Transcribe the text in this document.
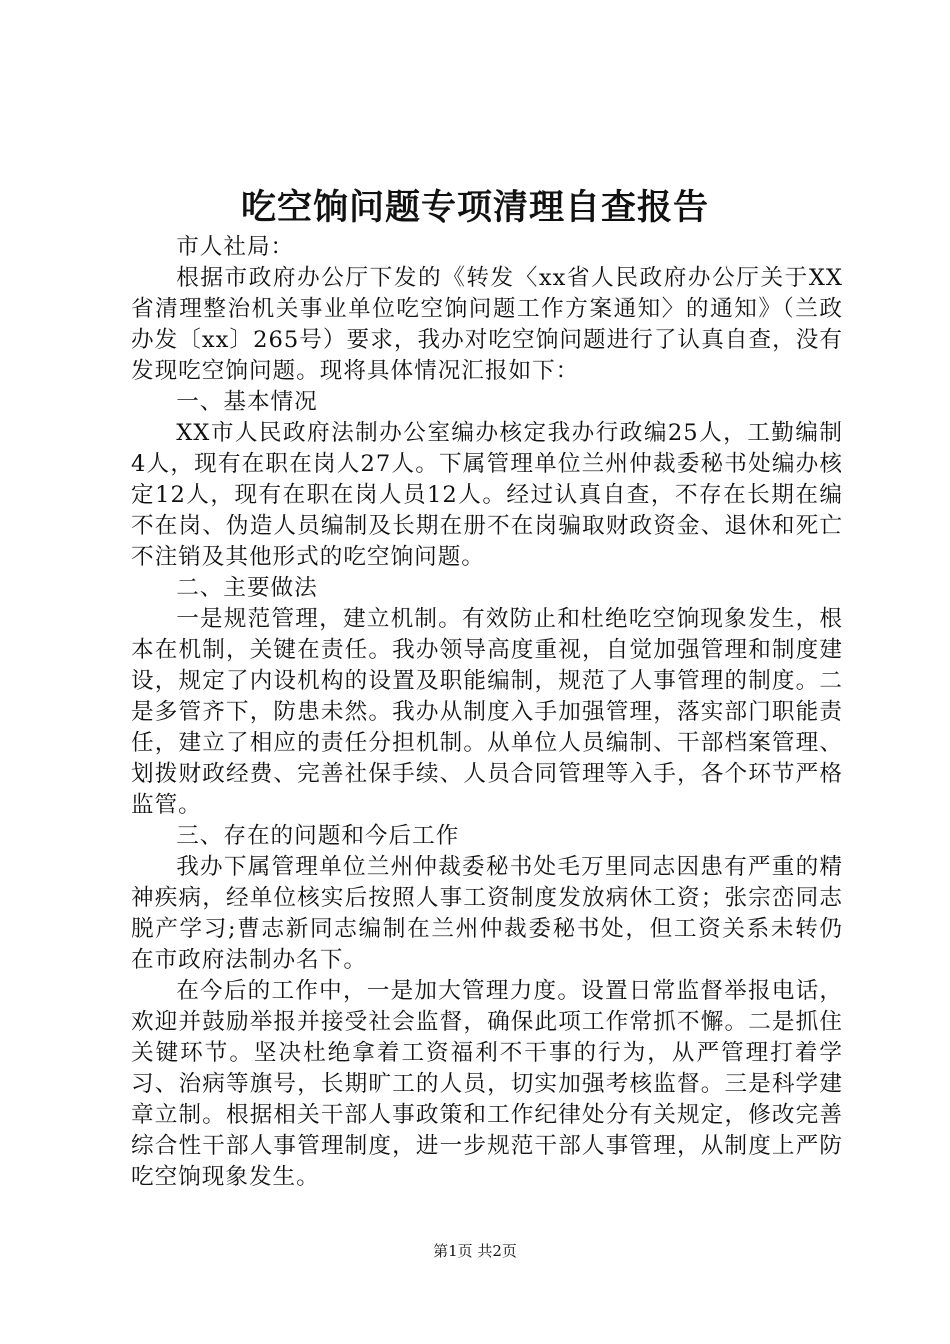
吃空饷问题专项清理自查报告

市人社局：

根据市政府办公厅下发的《转发〈xx省人民政府办公厅关于XX省清理整治机关事业单位吃空饷问题工作方案通知〉的通知》（兰政办发〔xx〕265号）要求，我办对吃空饷问题进行了认真自查，没有发现吃空饷问题。现将具体情况汇报如下：

一、基本情况

XX市人民政府法制办公室编办核定我办行政编25人，工勤编制4人，现有在职在岗人27人。下属管理单位兰州仲裁委秘书处编办核定12人，现有在职在岗人员12人。经过认真自查，不存在长期在编不在岗、伪造人员编制及长期在册不在岗骗取财政资金、退休和死亡不注销及其他形式的吃空饷问题。

二、主要做法

一是规范管理，建立机制。有效防止和杜绝吃空饷现象发生，根本在机制，关键在责任。我办领导高度重视，自觉加强管理和制度建设，规定了内设机构的设置及职能编制，规范了人事管理的制度。二是多管齐下，防患未然。我办从制度入手加强管理，落实部门职能责任，建立了相应的责任分担机制。从单位人员编制、干部档案管理、划拨财政经费、完善社保手续、人员合同管理等入手，各个环节严格监管。

三、存在的问题和今后工作

我办下属管理单位兰州仲裁委秘书处毛万里同志因患有严重的精神疾病，经单位核实后按照人事工资制度发放病休工资；张宗峦同志脱产学习;曹志新同志编制在兰州仲裁委秘书处，但工资关系未转仍在市政府法制办名下。

在今后的工作中，一是加大管理力度。设置日常监督举报电话，欢迎并鼓励举报并接受社会监督，确保此项工作常抓不懈。二是抓住关键环节。坚决杜绝拿着工资福利不干事的行为，从严管理打着学习、治病等旗号，长期旷工的人员，切实加强考核监督。三是科学建章立制。根据相关干部人事政策和工作纪律处分有关规定，修改完善综合性干部人事管理制度，进一步规范干部人事管理，从制度上严防吃空饷现象发生。

第1页 共2页
